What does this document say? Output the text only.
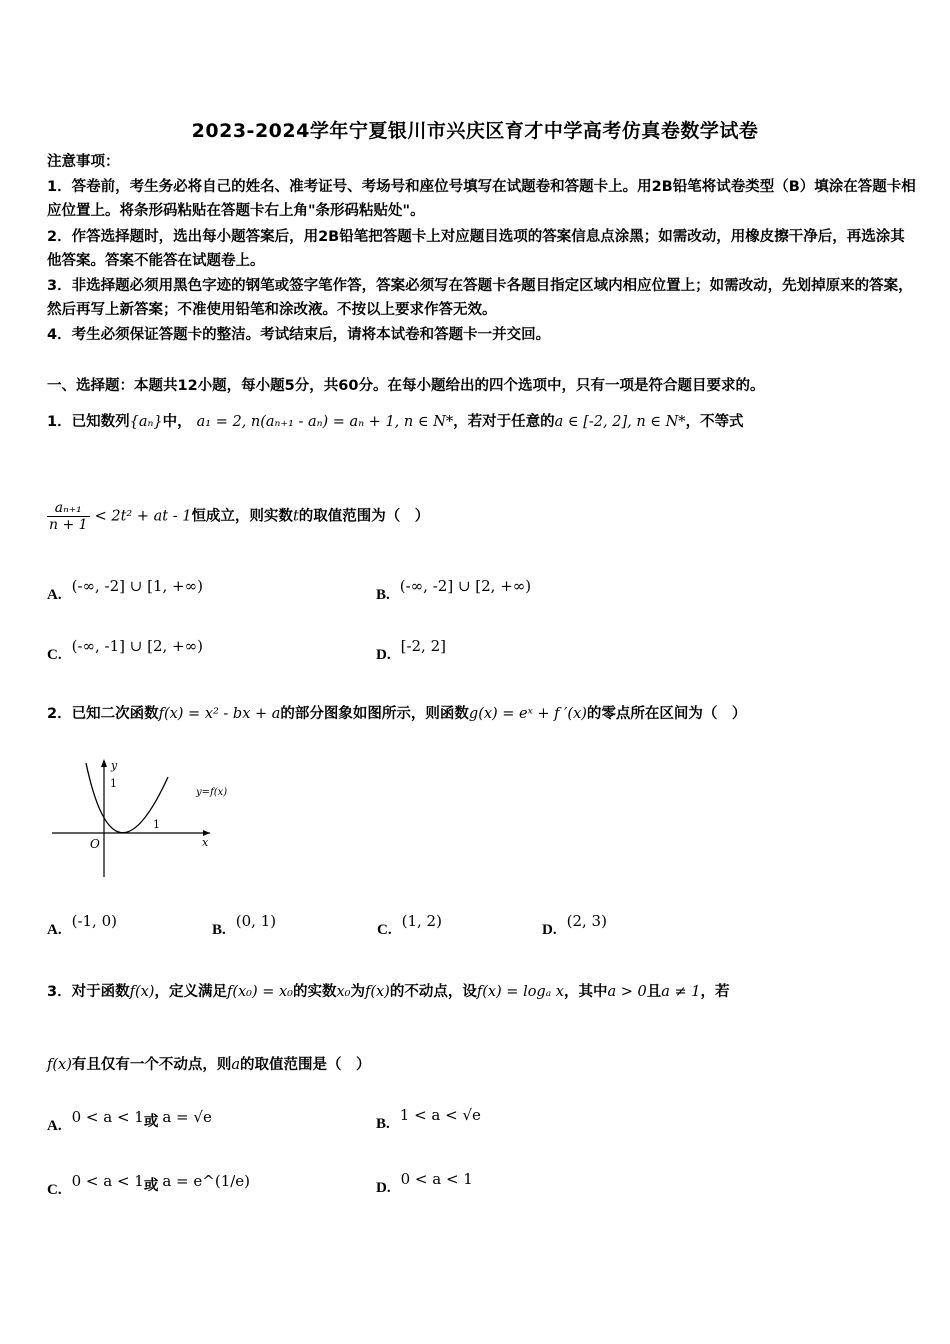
2023-2024学年宁夏银川市兴庆区育才中学高考仿真卷数学试卷
注意事项：
1．答卷前，考生务必将自己的姓名、准考证号、考场号和座位号填写在试题卷和答题卡上。用2B铅笔将试卷类型（B）填涂在答题卡相应位置上。将条形码粘贴在答题卡右上角"条形码粘贴处"。
2．作答选择题时，选出每小题答案后，用2B铅笔把答题卡上对应题目选项的答案信息点涂黑；如需改动，用橡皮擦干净后，再选涂其他答案。答案不能答在试题卷上。
3．非选择题必须用黑色字迹的钢笔或签字笔作答，答案必须写在答题卡各题目指定区域内相应位置上；如需改动，先划掉原来的答案，然后再写上新答案；不准使用铅笔和涂改液。不按以上要求作答无效。
4．考生必须保证答题卡的整洁。考试结束后，请将本试卷和答题卡一并交回。
一、选择题：本题共12小题，每小题5分，共60分。在每小题给出的四个选项中，只有一项是符合题目要求的。
1．已知数列{aₙ}中， a₁ = 2, n(aₙ₊₁ - aₙ) = aₙ + 1, n ∈ N*，若对于任意的a ∈ [-2, 2], n ∈ N*，不等式
$\frac{\text{aₙ₊₁}}{n + 1} < 2t^2$ + at - 1恒成立，则实数t的取值范围为（　）
A. (-∞, -2] ∪ [1, +∞)	B. (-∞, -2] ∪ [2, +∞)
C. (-∞, -1] ∪ [2, +∞)	D. [-2, 2]
2．已知二次函数f(x) = x² - bx + a的部分图象如图所示，则函数g(x) = eˣ + f ′(x)的零点所在区间为（　）
y
x
O
1
1
y=f(x)
A. (-1, 0)	B. (0, 1)	C. (1, 2)	D. (2, 3)
3．对于函数f(x)，定义满足f(x₀) = x₀的实数x₀为f(x)的不动点，设f(x) = logₐ x，其中a > 0且a ≠ 1，若
f(x)有且仅有一个不动点，则a的取值范围是（　）
A. 0 < a < 1或 a = √e	B. 1 < a < √e
C. 0 < a < 1或 a = e^(1/e)	D. 0 < a < 1
